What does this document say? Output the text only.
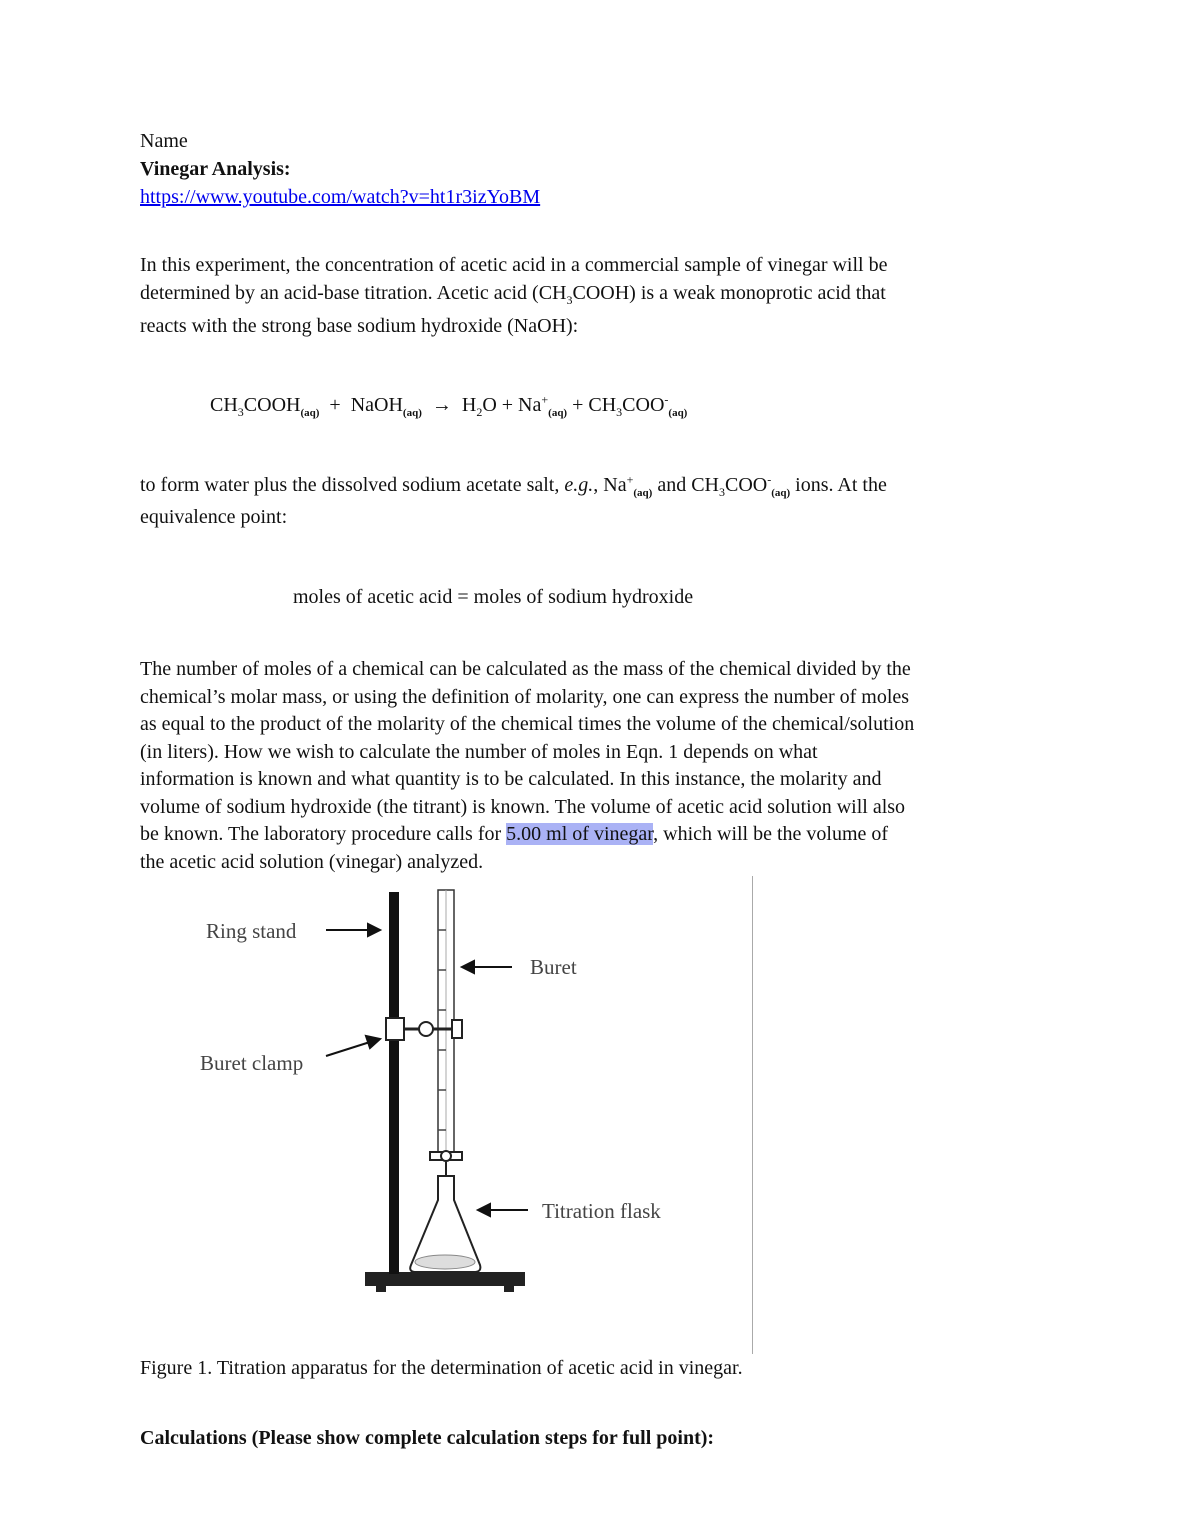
Name
Vinegar Analysis:
https://www.youtube.com/watch?v=ht1r3izYoBM
In this experiment, the concentration of acetic acid in a commercial sample of vinegar will be
determined by an acid-base titration. Acetic acid $(CH_3COOH)$ is a weak monoprotic acid that
reacts with the strong base sodium hydroxide (NaOH):
$CH_3COOH_{(aq)}$ + NaOH$_{(aq)}$ → $H_2O + Na^+_{(aq)} + CH_3COO^-_{(aq)}$
to form water plus the dissolved sodium acetate salt, e.g., $Na^+_{(aq)}$ and $CH_3COO^-_{(aq)}$ ions. At the
equivalence point:
moles of acetic acid = moles of sodium hydroxide
The number of moles of a chemical can be calculated as the mass of the chemical divided by the
chemical’s molar mass, or using the definition of molarity, one can express the number of moles
as equal to the product of the molarity of the chemical times the volume of the chemical/solution
(in liters). How we wish to calculate the number of moles in Eqn. 1 depends on what
information is known and what quantity is to be calculated. In this instance, the molarity and
volume of sodium hydroxide (the titrant) is known. The volume of acetic acid solution will also
be known. The laboratory procedure calls for 5.00 ml of vinegar, which will be the volume of
the acetic acid solution (vinegar) analyzed.
Ring stand
Buret
Buret clamp
Titration flask
Figure 1. Titration apparatus for the determination of acetic acid in vinegar.
Calculations (Please show complete calculation steps for full point):
